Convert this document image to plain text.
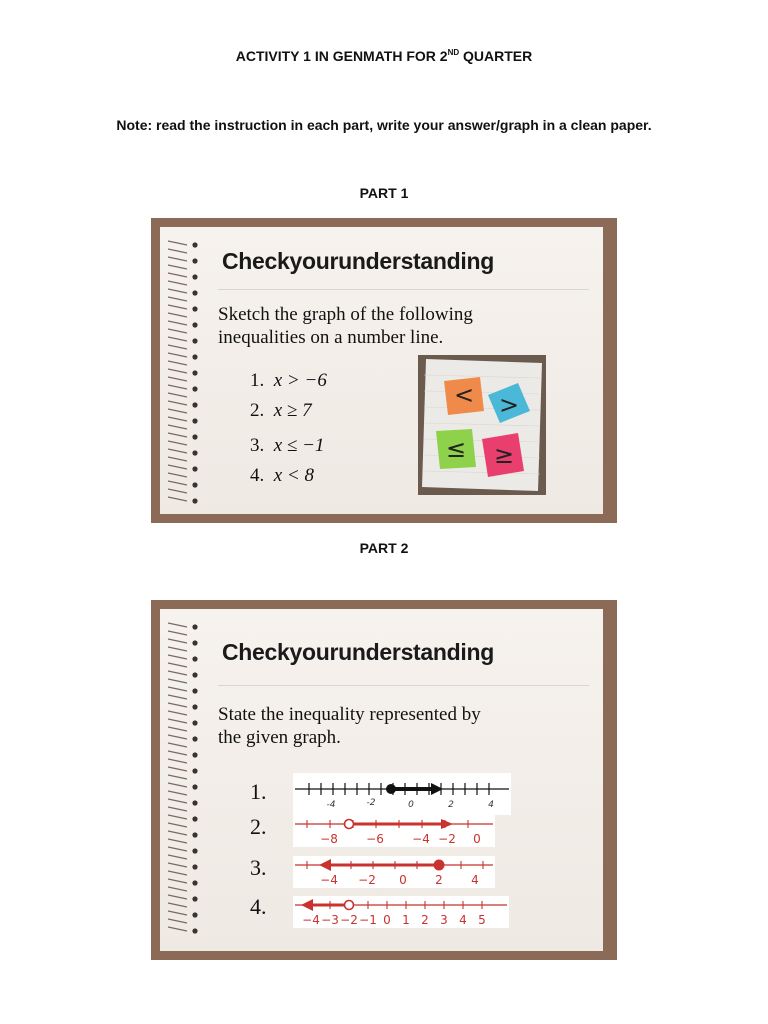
ACTIVITY 1 IN GENMATH FOR 2ND QUARTER
Note: read the instruction in each part, write your answer/graph in a clean paper.
PART 1
Checkyourunderstanding
Sketch the graph of the following
inequalities on a number line.
1. x > −6
2. x ≥ 7
3. x ≤ −1
4. x < 8
< >
≤ ≥
PART 2
Checkyourunderstanding
State the inequality represented by
the given graph.
1.
-4	-2	0	2	4
2.	−8 −6 −4 −2 0
3.	−4 −2 0 2 4
4.
−4 −3 −2 −1 0 1 2 3 4 5
